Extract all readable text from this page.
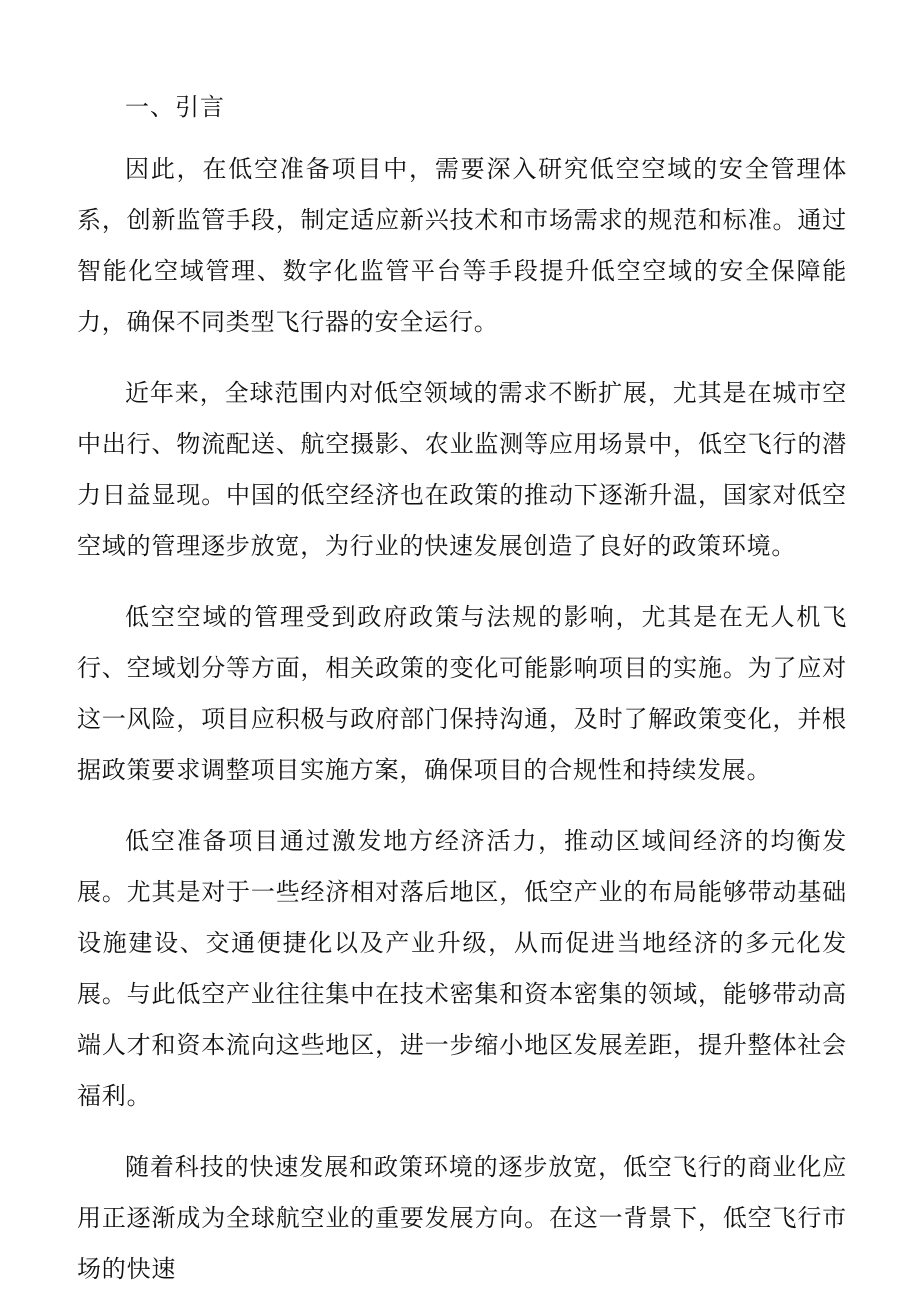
一、引言

因此，在低空准备项目中，需要深入研究低空空域的安全管理体系，创新监管手段，制定适应新兴技术和市场需求的规范和标准。通过智能化空域管理、数字化监管平台等手段提升低空空域的安全保障能力，确保不同类型飞行器的安全运行。

近年来，全球范围内对低空领域的需求不断扩展，尤其是在城市空中出行、物流配送、航空摄影、农业监测等应用场景中，低空飞行的潜力日益显现。中国的低空经济也在政策的推动下逐渐升温，国家对低空空域的管理逐步放宽，为行业的快速发展创造了良好的政策环境。

低空空域的管理受到政府政策与法规的影响，尤其是在无人机飞行、空域划分等方面，相关政策的变化可能影响项目的实施。为了应对这一风险，项目应积极与政府部门保持沟通，及时了解政策变化，并根据政策要求调整项目实施方案，确保项目的合规性和持续发展。

低空准备项目通过激发地方经济活力，推动区域间经济的均衡发展。尤其是对于一些经济相对落后地区，低空产业的布局能够带动基础设施建设、交通便捷化以及产业升级，从而促进当地经济的多元化发展。与此低空产业往往集中在技术密集和资本密集的领域，能够带动高端人才和资本流向这些地区，进一步缩小地区发展差距，提升整体社会福利。

随着科技的快速发展和政策环境的逐步放宽，低空飞行的商业化应用正逐渐成为全球航空业的重要发展方向。在这一背景下，低空飞行市场的快速
